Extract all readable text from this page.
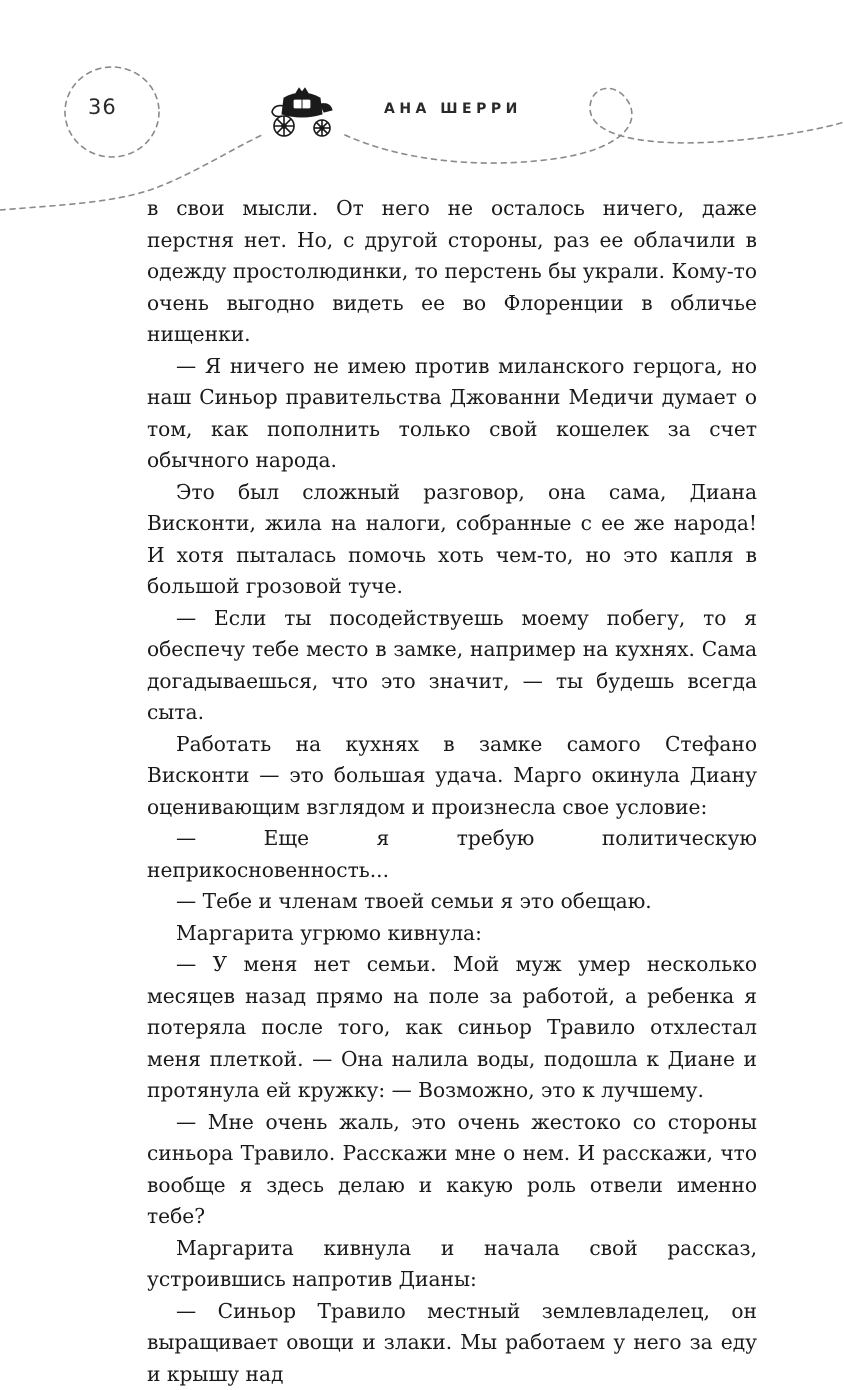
36	АНА ШЕРРИ

в свои мысли. От него не осталось ничего, даже перстня нет. Но, с другой стороны, раз ее облачили в одежду простолюдинки, то перстень бы украли. Кому-то очень выгодно видеть ее во Флоренции в обличье нищенки.

— Я ничего не имею против миланского герцога, но наш Синьор правительства Джованни Медичи думает о том, как пополнить только свой кошелек за счет обычного народа.

Это был сложный разговор, она сама, Диана Висконти, жила на налоги, собранные с ее же народа! И хотя пыталась помочь хоть чем-то, но это капля в большой грозовой туче.

— Если ты посодействуешь моему побегу, то я обеспечу тебе место в замке, например на кухнях. Сама догадываешься, что это значит, — ты будешь всегда сыта.

Работать на кухнях в замке самого Стефано Висконти — это большая удача. Марго окинула Диану оценивающим взглядом и произнесла свое условие:

— Еще я требую политическую неприкосновенность...

— Тебе и членам твоей семьи я это обещаю.

Маргарита угрюмо кивнула:

— У меня нет семьи. Мой муж умер несколько месяцев назад прямо на поле за работой, а ребенка я потеряла после того, как синьор Травило отхлестал меня плеткой. — Она налила воды, подошла к Диане и протянула ей кружку: — Возможно, это к лучшему.

— Мне очень жаль, это очень жестоко со стороны синьора Травило. Расскажи мне о нем. И расскажи, что вообще я здесь делаю и какую роль отвели именно тебе?

Маргарита кивнула и начала свой рассказ, устроившись напротив Дианы:

— Синьор Травило местный землевладелец, он выращивает овощи и злаки. Мы работаем у него за еду и крышу над
